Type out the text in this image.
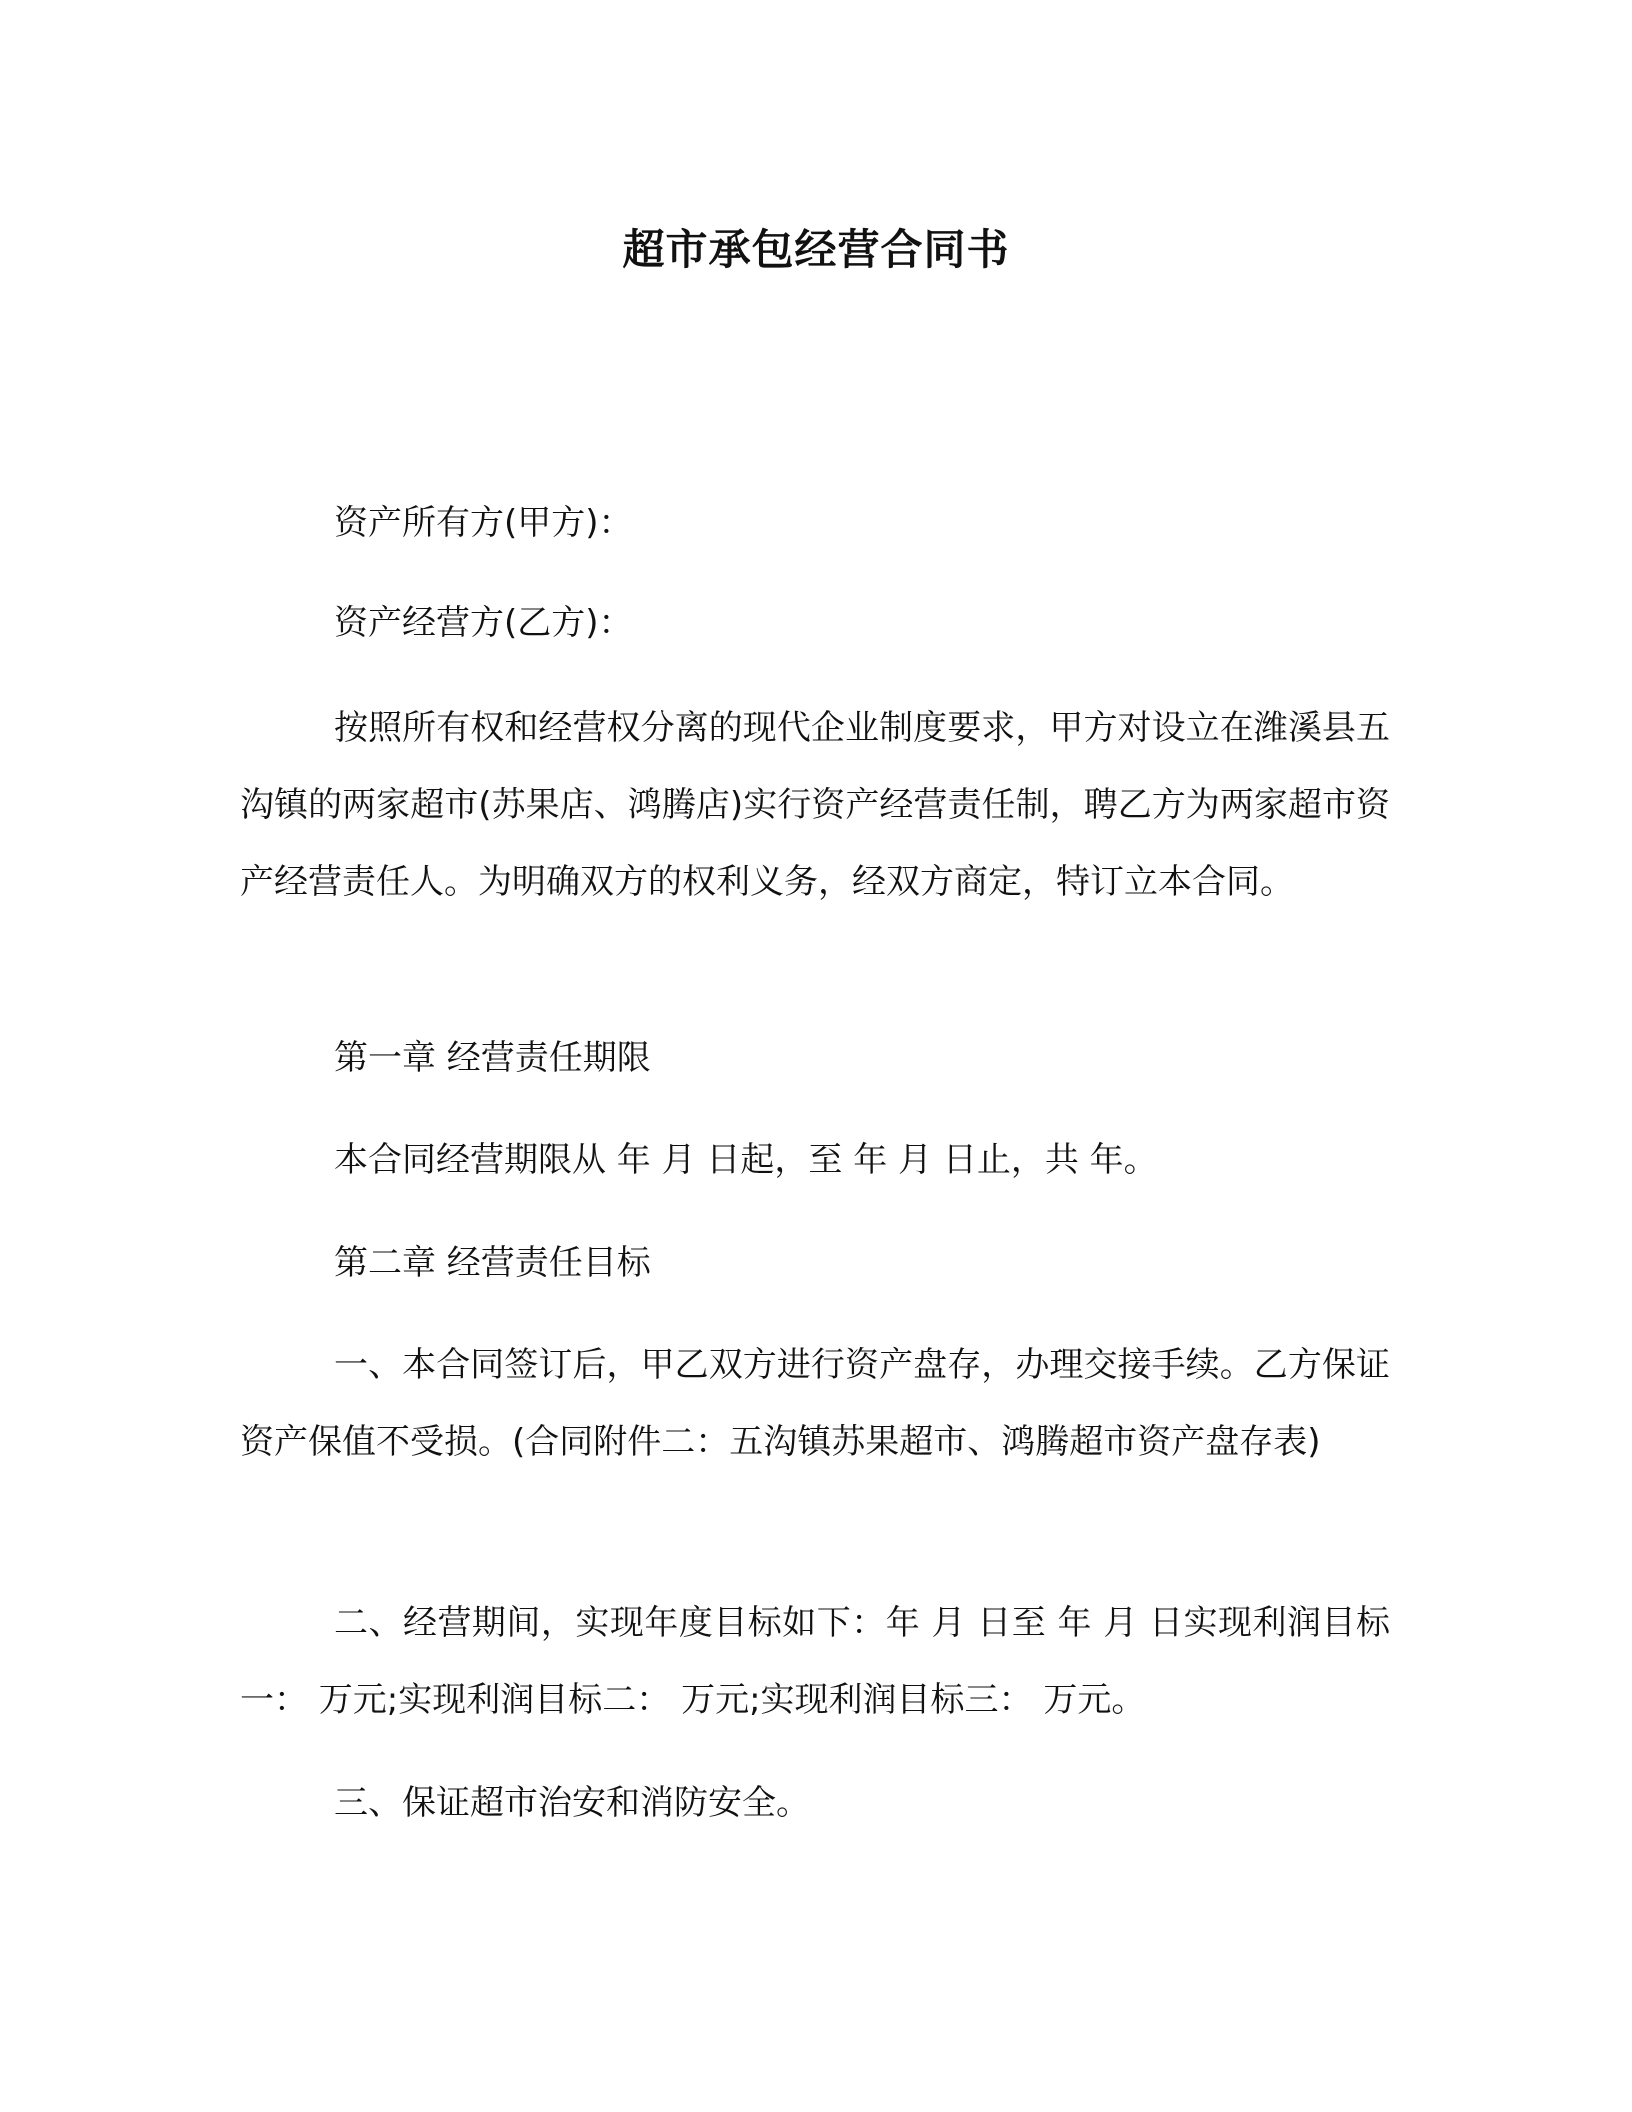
超市承包经营合同书
资产所有方(甲方)：
资产经营方(乙方)：
按照所有权和经营权分离的现代企业制度要求，甲方对设立在潍溪县五沟镇的两家超市(苏果店、鸿腾店)实行资产经营责任制，聘乙方为两家超市资产经营责任人。为明确双方的权利义务，经双方商定，特订立本合同。
第一章 经营责任期限
本合同经营期限从 年 月 日起，至 年 月 日止，共 年。
第二章 经营责任目标
一、本合同签订后，甲乙双方进行资产盘存，办理交接手续。乙方保证资产保值不受损。(合同附件二：五沟镇苏果超市、鸿腾超市资产盘存表)
二、经营期间，实现年度目标如下：年 月 日至 年 月 日实现利润目标一： 万元;实现利润目标二： 万元;实现利润目标三： 万元。
三、保证超市治安和消防安全。
